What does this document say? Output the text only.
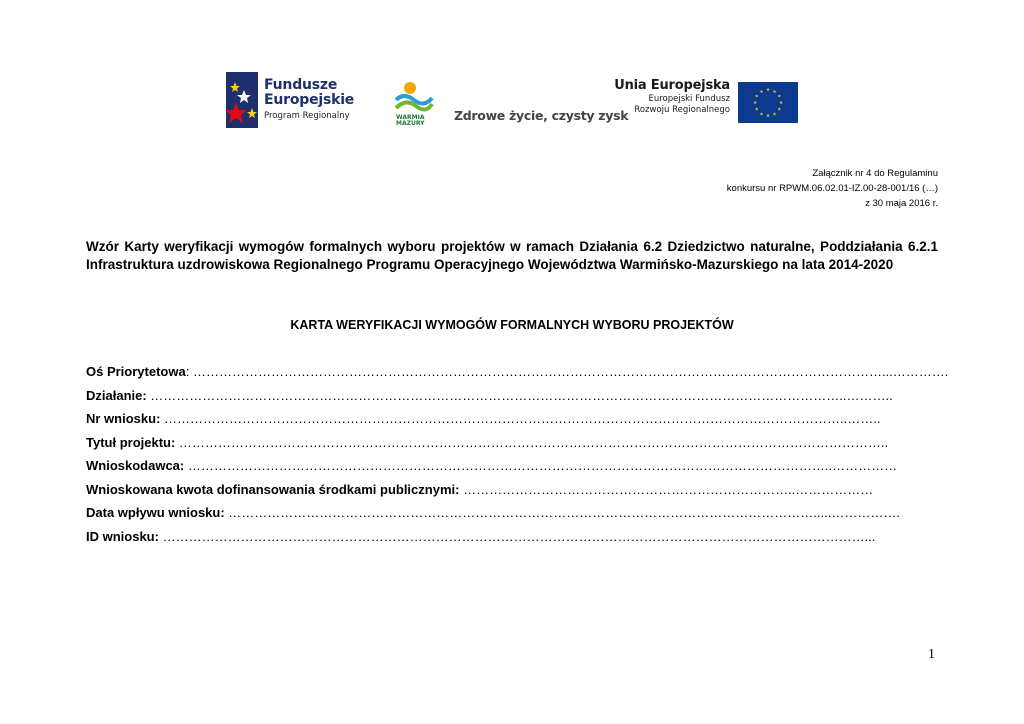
Fundusze
Europejskie
Program Regionalny	WARMIA
MAZURY
Zdrowe życie, czysty zysk
Unia Europejska
Europejski Fundusz
Rozwoju Regionalnego
★ ★
★
★
★
★
★
★
★
★
★
★
Załącznik nr 4 do Regulaminu
konkursu nr RPWM.06.02.01-IZ.00-28-001/16 (…)
z 30 maja 2016 r.
Wzór Karty weryfikacji wymogów formalnych wyboru projektów w ramach Działania 6.2 Dziedzictwo naturalne, Poddziałania 6.2.1 Infrastruktura uzdrowiskowa Regionalnego Programu Operacyjnego Województwa Warmińsko-Mazurskiego na lata 2014-2020
KARTA WERYFIKACJI WYMOGÓW FORMALNYCH WYBORU PROJEKTÓW
Oś Priorytetowa: ……………………………………………………………………………………………………………………………………………...………….
Działanie: ……………………………………………………………………………………………………………………………………………..………..
Nr wniosku: …………………………………………………………………………………………………………………………………………..……..
Tytuł projektu: ………………………………………………………………………………………………………………………………………………..
Wnioskodawca: …………………………………………………………………………………………………………………………………..……………
Wnioskowana kwota dofinansowania środkami publicznymi: …………………………………………………………………..………………
Data wpływu wniosku: ……………………………………………………………………………………………………………………….....…………….
ID wniosku: ………………………………………………………………………………………………………………………………………………...
1
